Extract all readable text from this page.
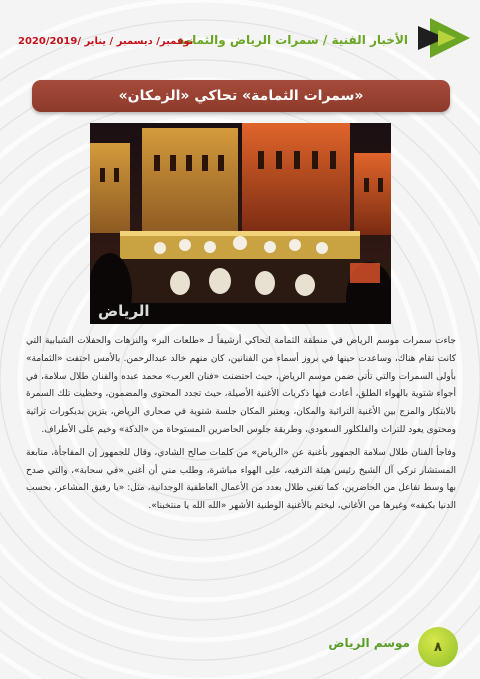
الأخبار الفنية / سمرات الرياض والثمامة
نوفمبر/ ديسمبر / يناير /2020/2019
«سمرات الثمامة» تحاكي «الزمكان»
الرياض

جاءت سمرات موسم الرياض في منطقة الثمامة لتحاكي أرشيفاً لـ «طلعات البر» والنزهات والحفلات الشبابية التي كانت تقام هناك، وساعدت حينها في بروز أسماء من الفنانين، كان منهم خالد عبدالرحمن. بالأمس احتفت «الثمامة» بأولى السمرات والتي تأتي ضمن موسم الرياض، حيث احتضنت «فنان العرب» محمد عبده والفنان طلال سلامة، في أجواء شتوية بالهواء الطلق، أعادت فيها ذكريات الأغنية الأصيلة، حيث تجدد المحتوى والمضمون، وحظيت تلك السمرة بالابتكار والمزج بين الأغنية التراثية والمكان، ويعتبر المكان جلسة شتوية في صحاري الرياض، يتزين بديكورات تراثية ومحتوى يعود للتراث والفلكلور السعودي، وطريقة جلوس الحاضرين المستوحاة من «الدكة» وخيم على الأطراف.

وفاجأ الفنان طلال سلامة الجمهور بأغنية عن «الرياض» من كلمات صالح الشادي، وقال للجمهور إن المفاجأة، متابعة المستشار تركي آل الشيخ رئيس هيئة الترفيه، على الهواء مباشرة، وطلب مني أن أغني «في سحابة»، والتي صدح بها وسط تفاعل من الحاضرين، كما تغنى طلال بعدد من الأعمال العاطفية الوجدانية، مثل: «يا رفيق المشاعر، بحسب الدنيا بكيفه» وغيرها من الأغاني، ليختم بالأغنية الوطنية الأشهر «الله الله يا منتخبنا».

٨
موسم الرياض
